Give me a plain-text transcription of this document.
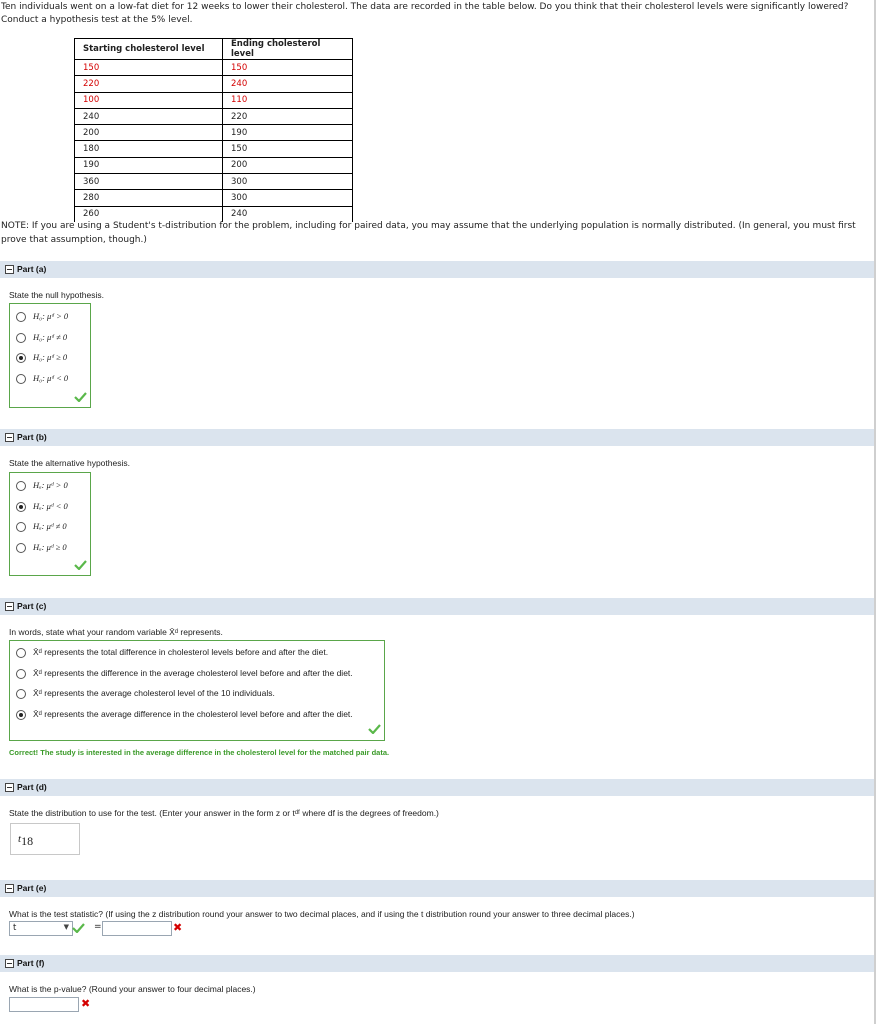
Ten individuals went on a low-fat diet for 12 weeks to lower their cholesterol. The data are recorded in the table below. Do you think that their cholesterol levels were significantly lowered? Conduct a hypothesis test at the 5% level.
Starting cholesterol level	Ending cholesterol level
150	150
220	240
100	110
240	220
200	190
180	150
190	200
360	300
280	300
260	240
NOTE: If you are using a Student's t-distribution for the problem, including for paired data, you may assume that the underlying population is normally distributed. (In general, you must first prove that assumption, though.)
Part (a)
State the null hypothesis.
H₀: μᵈ > 0
H₀: μᵈ ≠ 0
H₀: μᵈ ≥ 0
H₀: μᵈ < 0
Part (b)
State the alternative hypothesis.
Hₐ: μᵈ > 0
Hₐ: μᵈ < 0
Hₐ: μᵈ ≠ 0
Hₐ: μᵈ ≥ 0
Part (c)
In words, state what your random variable X̄ᵈ represents.
X̄ᵈ represents the total difference in cholesterol levels before and after the diet.
X̄ᵈ represents the difference in the average cholesterol level before and after the diet.
X̄ᵈ represents the average cholesterol level of the 10 individuals.
X̄ᵈ represents the average difference in the cholesterol level before and after the diet.
Correct! The study is interested in the average difference in the cholesterol level for the matched pair data.
Part (d)
State the distribution to use for the test. (Enter your answer in the form z or tᵈᶠ where df is the degrees of freedom.)
t18
Part (e)
What is the test statistic? (If using the z distribution round your answer to two decimal places, and if using the t distribution round your answer to three decimal places.)
t	▼	=	✖
Part (f)
What is the p-value? (Round your answer to four decimal places.)
✖
